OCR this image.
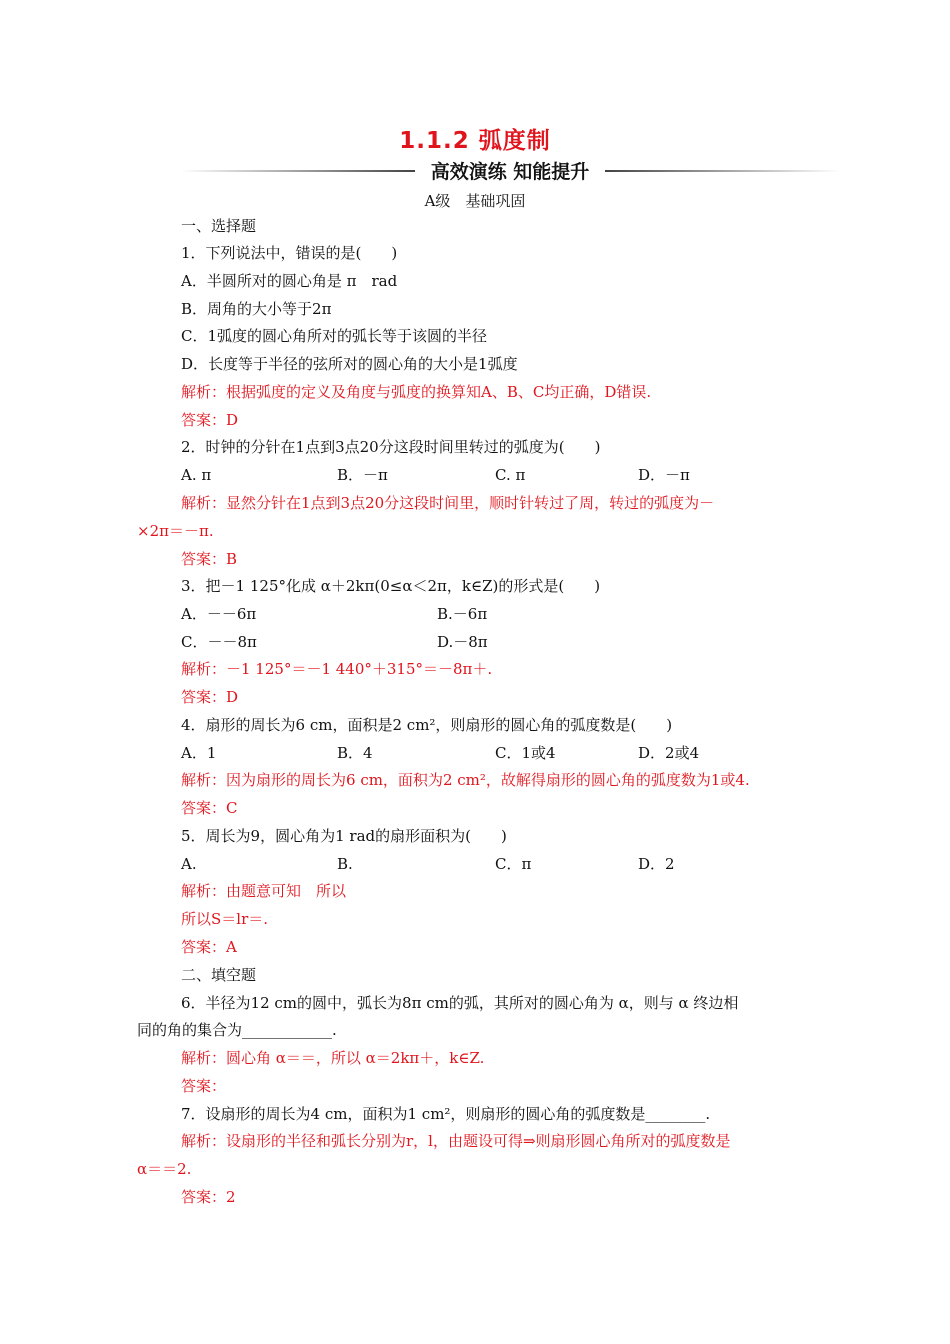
1.1.2 弧度制
高效演练 知能提升
A级　基础巩固
一、选择题
1．下列说法中，错误的是(　　)
A．半圆所对的圆心角是 π　rad
B．周角的大小等于2π
C．1弧度的圆心角所对的弧长等于该圆的半径
D．长度等于半径的弦所对的圆心角的大小是1弧度
解析：根据弧度的定义及角度与弧度的换算知A、B、C均正确，D错误.
答案：D
2．时钟的分针在1点到3点20分这段时间里转过的弧度为(　　)
A. π	B．－π	C. π	D．－π
解析：显然分针在1点到3点20分这段时间里，顺时针转过了周，转过的弧度为－
×2π＝－π.
答案：B
3．把－1 125°化成 α＋2kπ(0≤α＜2π，k∈Z)的形式是(　　)
A．－－6π	B.－6π
C．－－8π	D.－8π
解析：－1 125°＝－1 440°＋315°＝－8π＋.
答案：D
4．扇形的周长为6 cm，面积是2 cm²，则扇形的圆心角的弧度数是(　　)
A．1	B．4	C．1或4	D．2或4
解析：因为扇形的周长为6 cm，面积为2 cm²，故解得扇形的圆心角的弧度数为1或4.
答案：C
5．周长为9，圆心角为1 rad的扇形面积为(　　)
A.	B.	C．π	D．2
解析：由题意可知　所以
所以S＝lr＝.
答案：A
二、填空题
6．半径为12 cm的圆中，弧长为8π cm的弧，其所对的圆心角为 α，则与 α 终边相
同的角的集合为____________.
解析：圆心角 α＝＝，所以 α＝2kπ＋，k∈Z.
答案：
7．设扇形的周长为4 cm，面积为1 cm²，则扇形的圆心角的弧度数是________.
解析：设扇形的半径和弧长分别为r，l，由题设可得⇒则扇形圆心角所对的弧度数是
α＝＝2.
答案：2
